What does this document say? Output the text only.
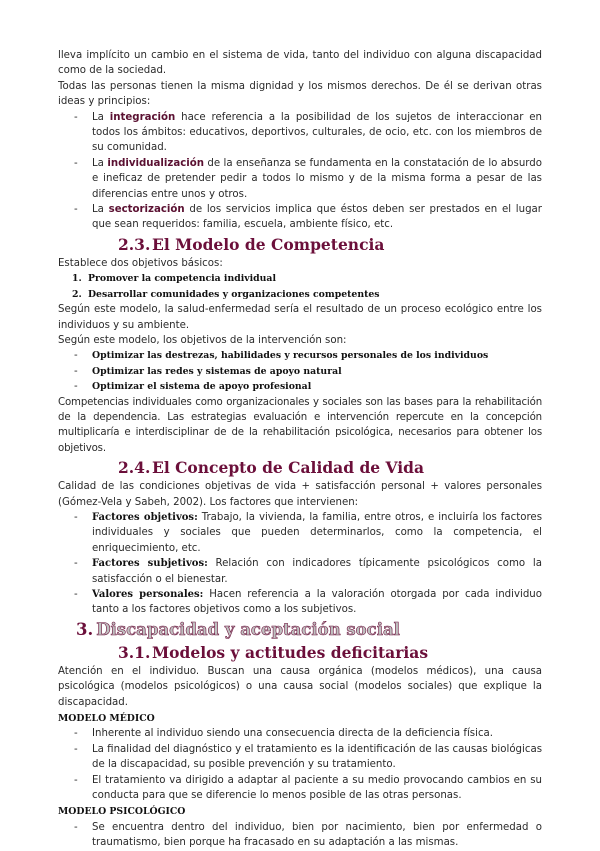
lleva implícito un cambio en el sistema de vida, tanto del individuo con alguna discapacidad como de la sociedad.

Todas las personas tienen la misma dignidad y los mismos derechos. De él se derivan otras ideas y principios:

-	La integración hace referencia a la posibilidad de los sujetos de interaccionar en todos los ámbitos: educativos, deportivos, culturales, de ocio, etc. con los miembros de su comunidad.
-	La individualización de la enseñanza se fundamenta en la constatación de lo absurdo e ineficaz de pretender pedir a todos lo mismo y de la misma forma a pesar de las diferencias entre unos y otros.
-	La sectorización de los servicios implica que éstos deben ser prestados en el lugar que sean requeridos: familia, escuela, ambiente físico, etc.
2.3. El Modelo de Competencia

Establece dos objetivos básicos:

1. Promover la competencia individual
2. Desarrollar comunidades y organizaciones competentes

Según este modelo, la salud-enfermedad sería el resultado de un proceso ecológico entre los individuos y su ambiente.

Según este modelo, los objetivos de la intervención son:

-	Optimizar las destrezas, habilidades y recursos personales de los individuos
-	Optimizar las redes y sistemas de apoyo natural
-	Optimizar el sistema de apoyo profesional

Competencias individuales como organizacionales y sociales son las bases para la rehabilitación de la dependencia. Las estrategias evaluación e intervención repercute en la concepción multiplicaría e interdisciplinar de de la rehabilitación psicológica, necesarios para obtener los objetivos.

2.4. El Concepto de Calidad de Vida

Calidad de las condiciones objetivas de vida + satisfacción personal + valores personales (Gómez-Vela y Sabeh, 2002). Los factores que intervienen:

-	Factores objetivos: Trabajo, la vivienda, la familia, entre otros, e incluiría los factores individuales y sociales que pueden determinarlos, como la competencia, el enriquecimiento, etc.
-	Factores subjetivos: Relación con indicadores típicamente psicológicos como la satisfacción o el bienestar.
-	Valores personales: Hacen referencia a la valoración otorgada por cada individuo tanto a los factores objetivos como a los subjetivos.
3. Discapacidad y aceptación social
3.1. Modelos y actitudes deficitarias

Atención en el individuo. Buscan una causa orgánica (modelos médicos), una causa psicológica (modelos psicológicos) o una causa social (modelos sociales) que explique la discapacidad.

MODELO MÉDICO
-	Inherente al individuo siendo una consecuencia directa de la deficiencia física.
-	La finalidad del diagnóstico y el tratamiento es la identificación de las causas biológicas de la discapacidad, su posible prevención y su tratamiento.
-	El tratamiento va dirigido a adaptar al paciente a su medio provocando cambios en su conducta para que se diferencie lo menos posible de las otras personas.
MODELO PSICOLÓGICO
-	Se encuentra dentro del individuo, bien por nacimiento, bien por enfermedad o traumatismo, bien porque ha fracasado en su adaptación a las mismas.
